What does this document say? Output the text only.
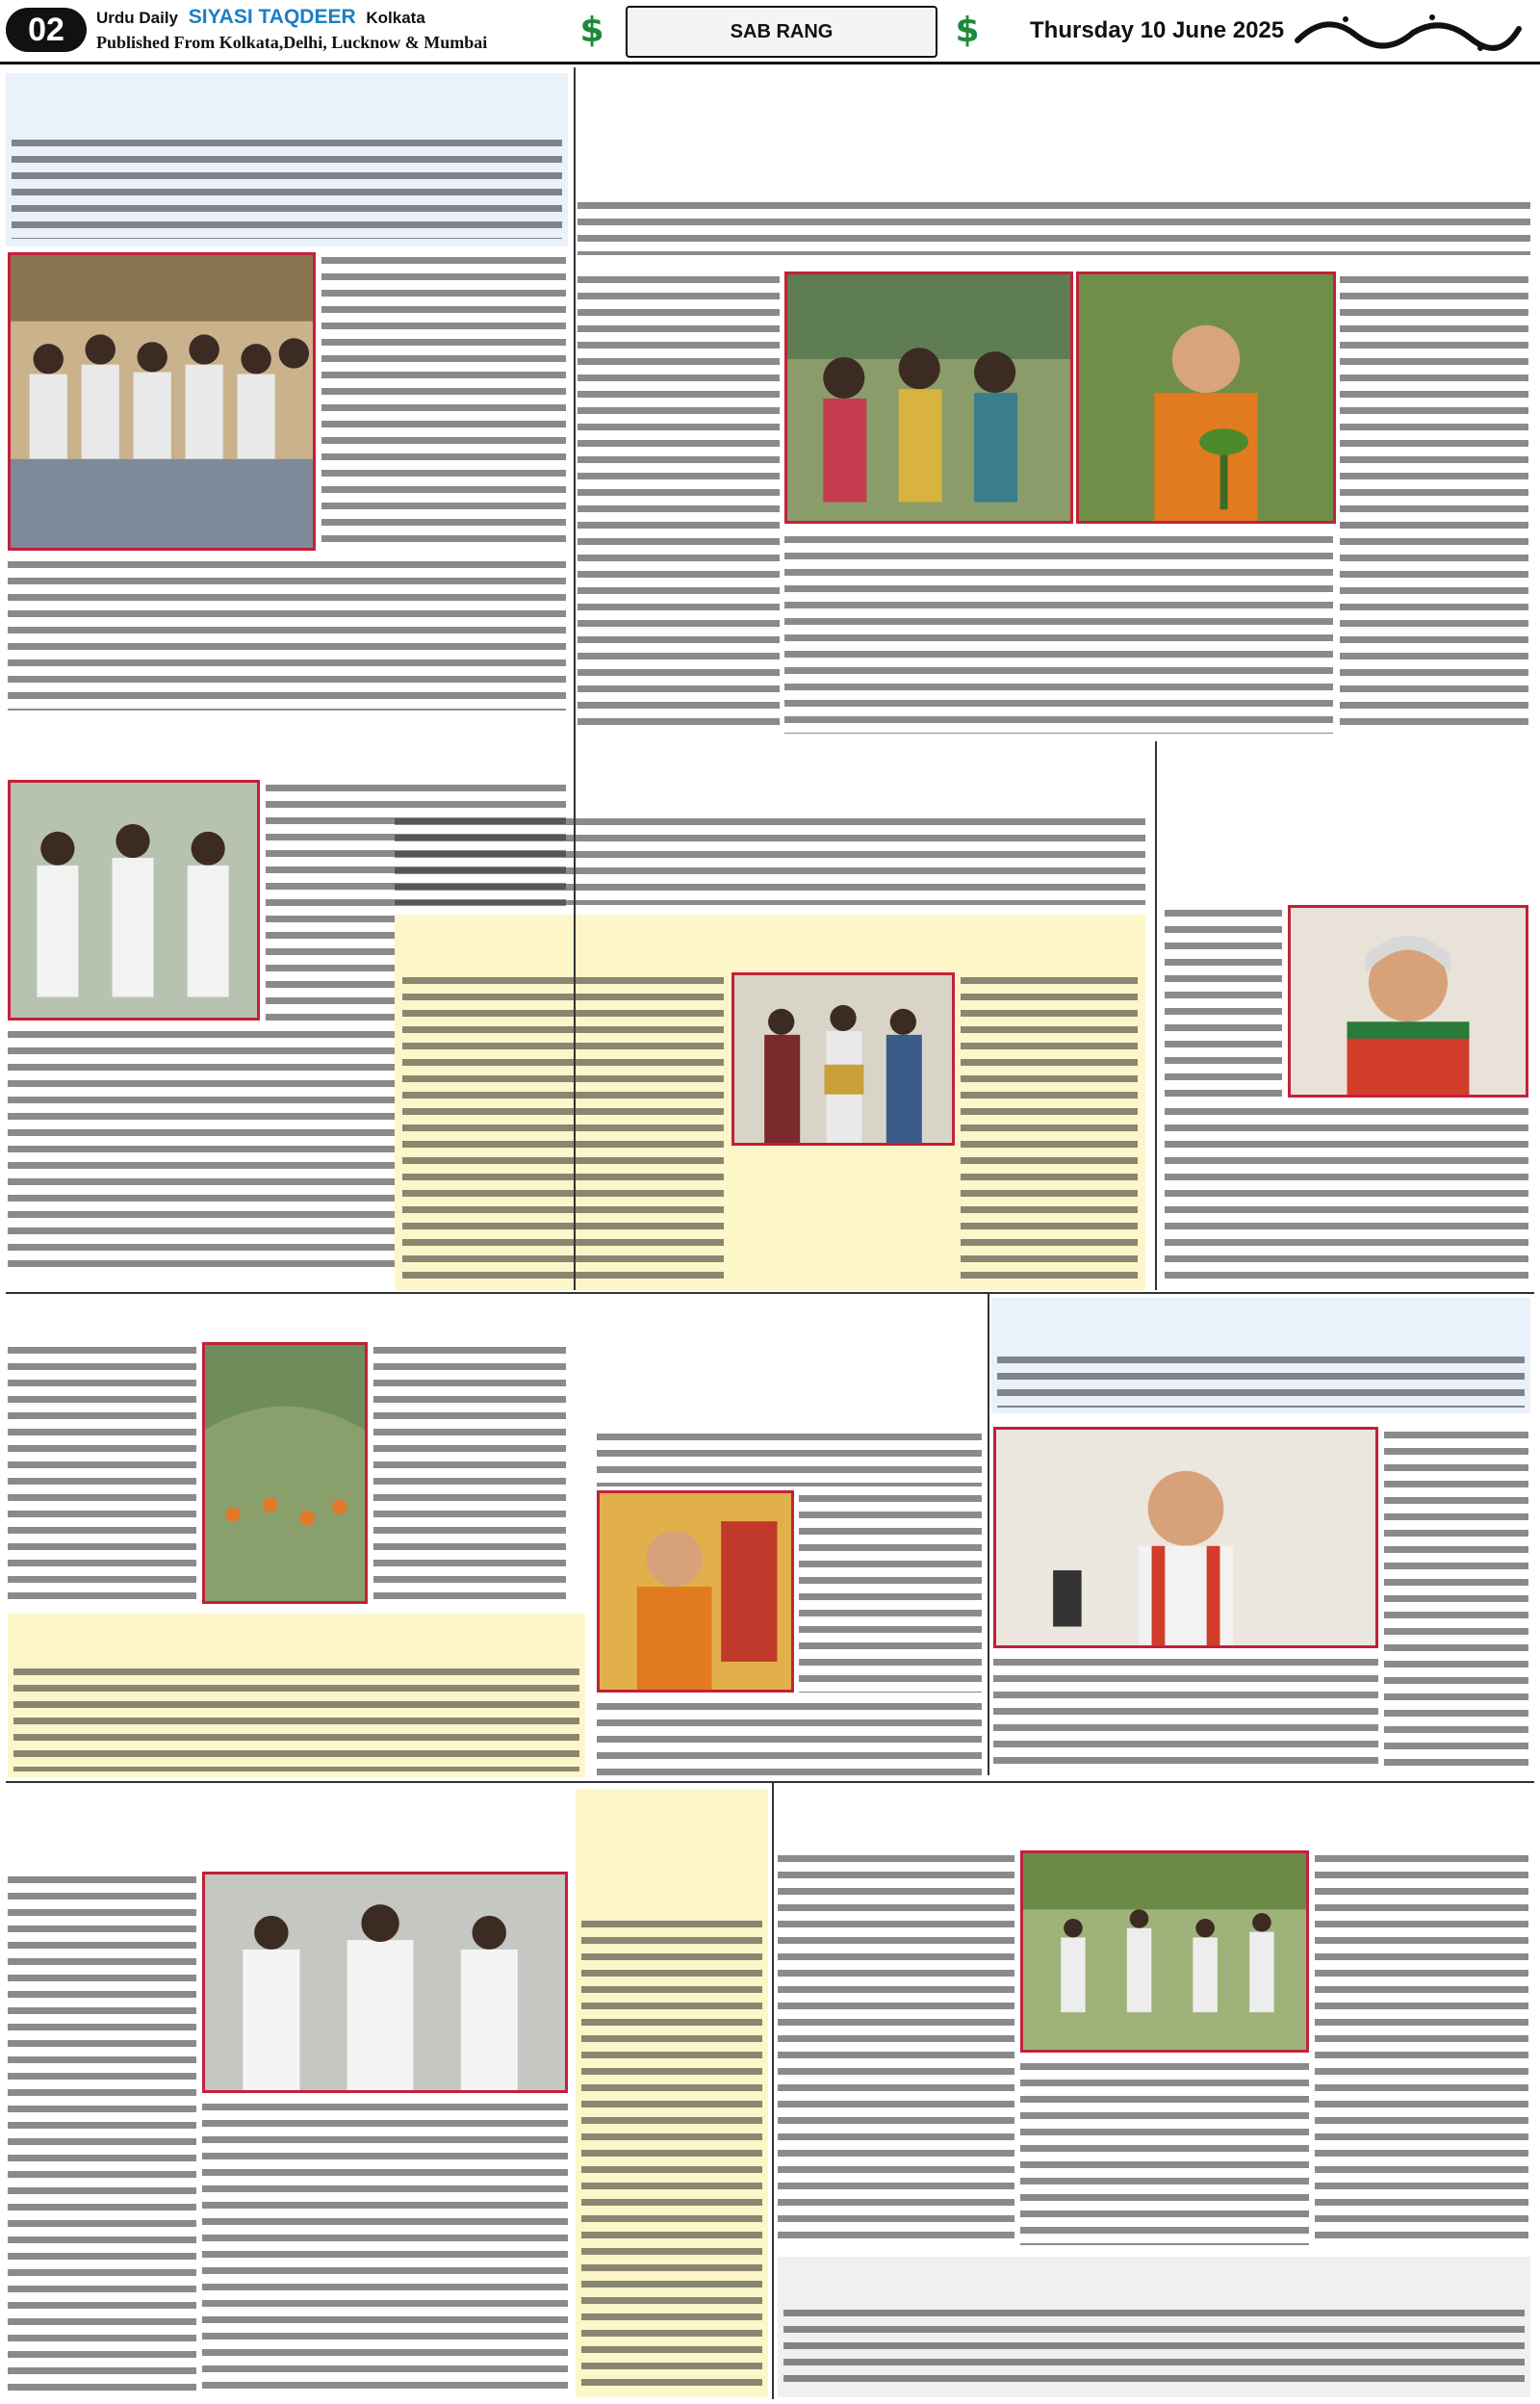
02	Urdu Daily SIYASI TAQDEER Kolkata
Published From Kolkata,Delhi, Lucknow & Mumbai	$	SAB RANG	$ Thursday 10 June 2025
